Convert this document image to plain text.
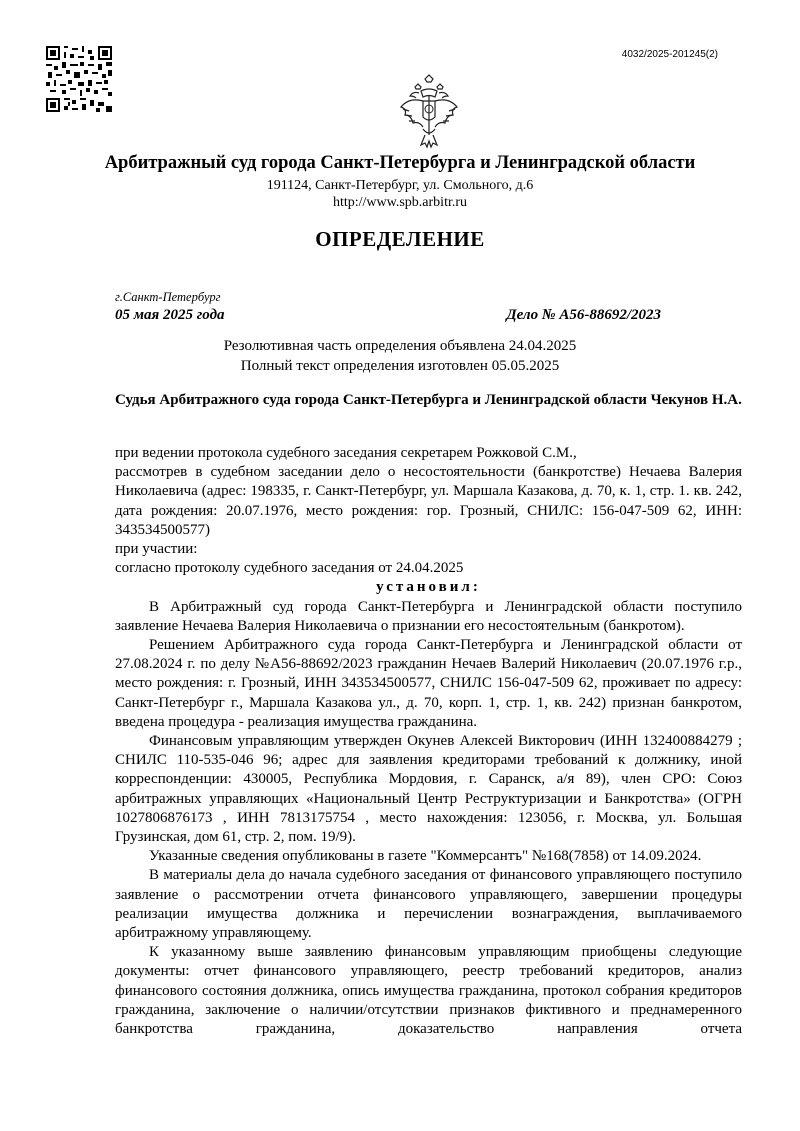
4032/2025-201245(2)
Арбитражный суд города Санкт-Петербурга и Ленинградской области
191124, Санкт-Петербург, ул. Смольного, д.6
http://www.spb.arbitr.ru
ОПРЕДЕЛЕНИЕ
г.Санкт-Петербург
05 мая 2025 года	Дело № А56-88692/2023
Резолютивная часть определения объявлена 24.04.2025
Полный текст определения изготовлен 05.05.2025
Судья Арбитражного суда города Санкт-Петербурга и Ленинградской области Чекунов Н.А.

при ведении протокола судебного заседания секретарем Рожковой С.М.,

рассмотрев в судебном заседании дело о несостоятельности (банкротстве) Нечаева Валерия Николаевича (адрес: 198335, г. Санкт-Петербург, ул. Маршала Казакова, д. 70, к. 1, стр. 1. кв. 242, дата рождения: 20.07.1976, место рождения: гор. Грозный, СНИЛС: 156-047-509 62, ИНН: 343534500577)

при участии:

согласно протоколу судебного заседания от 24.04.2025

установил:

В Арбитражный суд города Санкт-Петербурга и Ленинградской области поступило заявление Нечаева Валерия Николаевича о признании его несостоятельным (банкротом).

Решением Арбитражного суда города Санкт-Петербурга и Ленинградской области от 27.08.2024 г. по делу №А56-88692/2023 гражданин Нечаев Валерий Николаевич (20.07.1976 г.р., место рождения: г. Грозный, ИНН 343534500577, СНИЛС 156-047-509 62, проживает по адресу: Санкт-Петербург г., Маршала Казакова ул., д. 70, корп. 1, стр. 1, кв. 242) признан банкротом, введена процедура - реализация имущества гражданина.

Финансовым управляющим утвержден Окунев Алексей Викторович (ИНН 132400884279 ; СНИЛС 110-535-046 96; адрес для заявления кредиторами требований к должнику, иной корреспонденции: 430005, Республика Мордовия, г. Саранск, а/я 89), член СРО: Союз арбитражных управляющих «Национальный Центр Реструктуризации и Банкротства» (ОГРН 1027806876173 , ИНН 7813175754 , место нахождения: 123056, г. Москва, ул. Большая Грузинская, дом 61, стр. 2, пом. 19/9).

Указанные сведения опубликованы в газете "Коммерсантъ" №168(7858) от 14.09.2024.

В материалы дела до начала судебного заседания от финансового управляющего поступило заявление о рассмотрении отчета финансового управляющего, завершении процедуры реализации имущества должника и перечислении вознаграждения, выплачиваемого арбитражному управляющему.

К указанному выше заявлению финансовым управляющим приобщены следующие документы: отчет финансового управляющего, реестр требований кредиторов, анализ финансового состояния должника, опись имущества гражданина, протокол собрания кредиторов гражданина, заключение о наличии/отсутствии признаков фиктивного и преднамеренного банкротства гражданина, доказательство направления отчета
